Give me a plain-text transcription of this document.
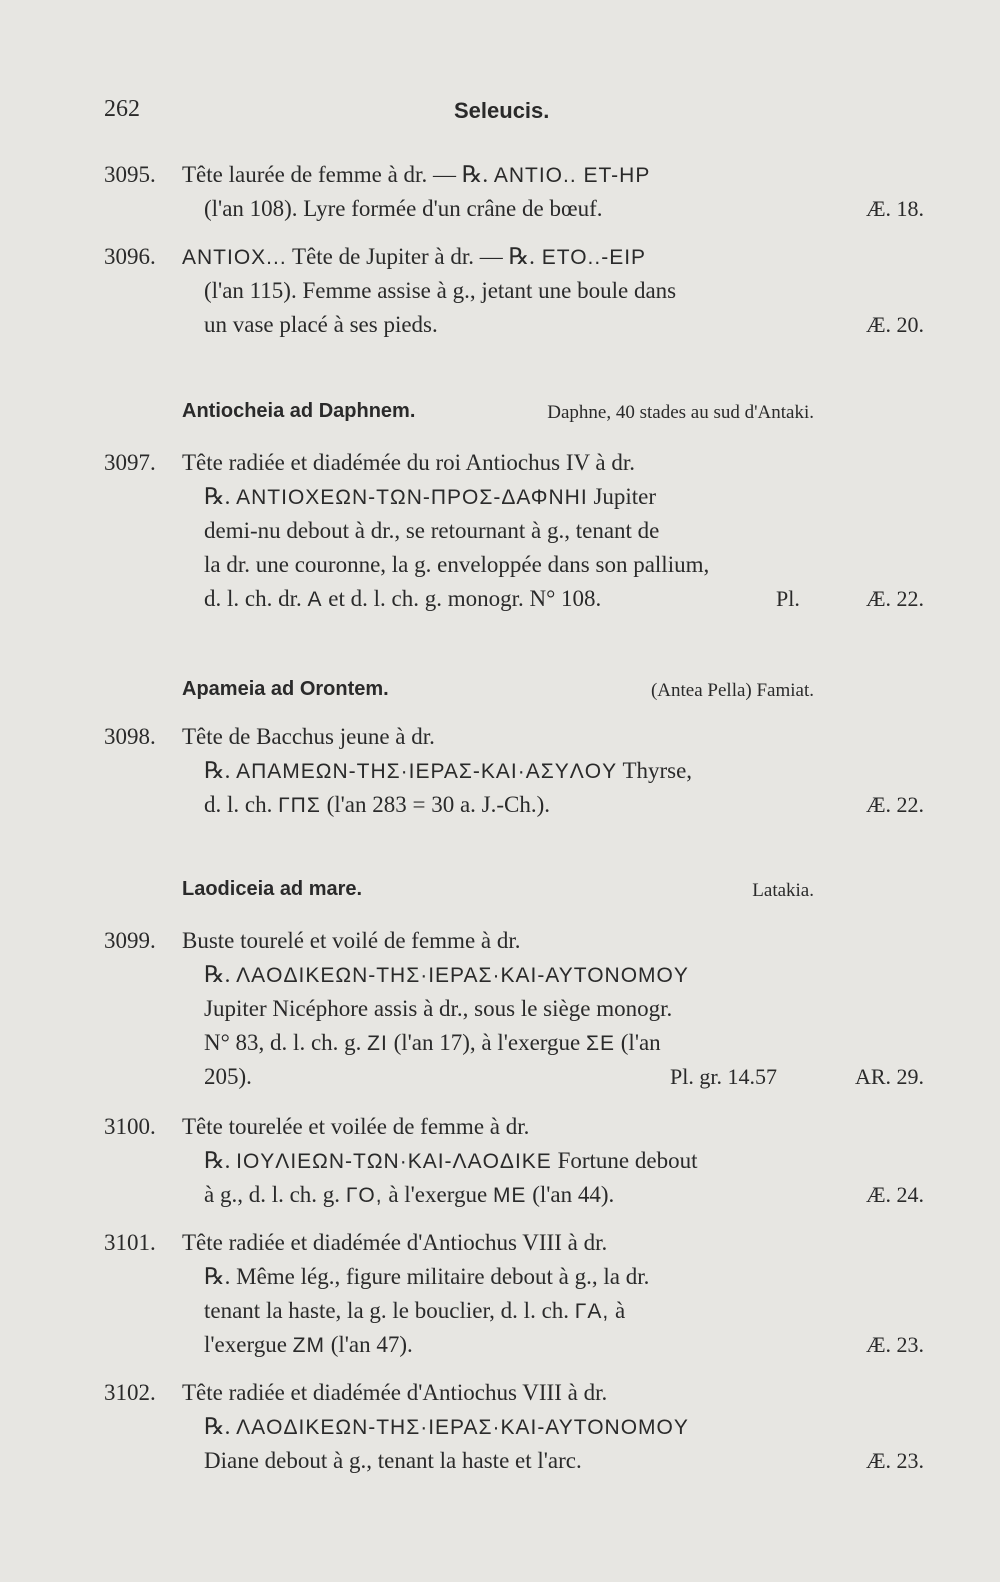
262	Seleucis.
3095. Tête laurée de femme à dr. — ℞. ANTIO.. ET-HP
(l'an 108). Lyre formée d'un crâne de bœuf.	Æ. 18.
3096. ANTIOX... Tête de Jupiter à dr. — ℞. ETO..-EIP
(l'an 115). Femme assise à g., jetant une boule dans
un vase placé à ses pieds.	Æ. 20.
Antiocheia ad Daphnem.	Daphne, 40 stades au sud d'Antaki.
3097. Tête radiée et diadémée du roi Antiochus IV à dr.
℞. ANTIOXEΩN-TΩN-ΠΡΟΣ-ΔΑΦΝΗΙ Jupiter
demi-nu debout à dr., se retournant à g., tenant de
la dr. une couronne, la g. enveloppée dans son pallium,
d. l. ch. dr. A et d. l. ch. g. monogr. N° 108.	Pl.	Æ. 22.
Apameia ad Orontem.	(Antea Pella) Famiat.
3098. Tête de Bacchus jeune à dr.
℞. AΠAMEΩN-THΣ·IEPAΣ-KAI·AΣYΛOY Thyrse,
d. l. ch. ΓΠΣ (l'an 283 = 30 a. J.-Ch.).	Æ. 22.
Laodiceia ad mare.	Latakia.
3099. Buste tourelé et voilé de femme à dr.
℞. ΛAOΔIKEΩN-THΣ·IEPAΣ·KAI-AYTONOMOY
Jupiter Nicéphore assis à dr., sous le siège monogr.
N° 83, d. l. ch. g. ZI (l'an 17), à l'exergue ΣE (l'an
205).	Pl. gr. 14.57	AR. 29.
3100. Tête tourelée et voilée de femme à dr.
℞. IOYΛIEΩN-TΩN·KAI-ΛAOΔIKE Fortune debout
à g., d. l. ch. g. ΓO, à l'exergue ME (l'an 44).	Æ. 24.
3101. Tête radiée et diadémée d'Antiochus VIII à dr.
℞. Même lég., figure militaire debout à g., la dr.
tenant la haste, la g. le bouclier, d. l. ch. ΓA, à
l'exergue ZM (l'an 47).	Æ. 23.
3102. Tête radiée et diadémée d'Antiochus VIII à dr.
℞. ΛAOΔIKEΩN-THΣ·IEPAΣ·KAI-AYTONOMOY
Diane debout à g., tenant la haste et l'arc.	Æ. 23.
